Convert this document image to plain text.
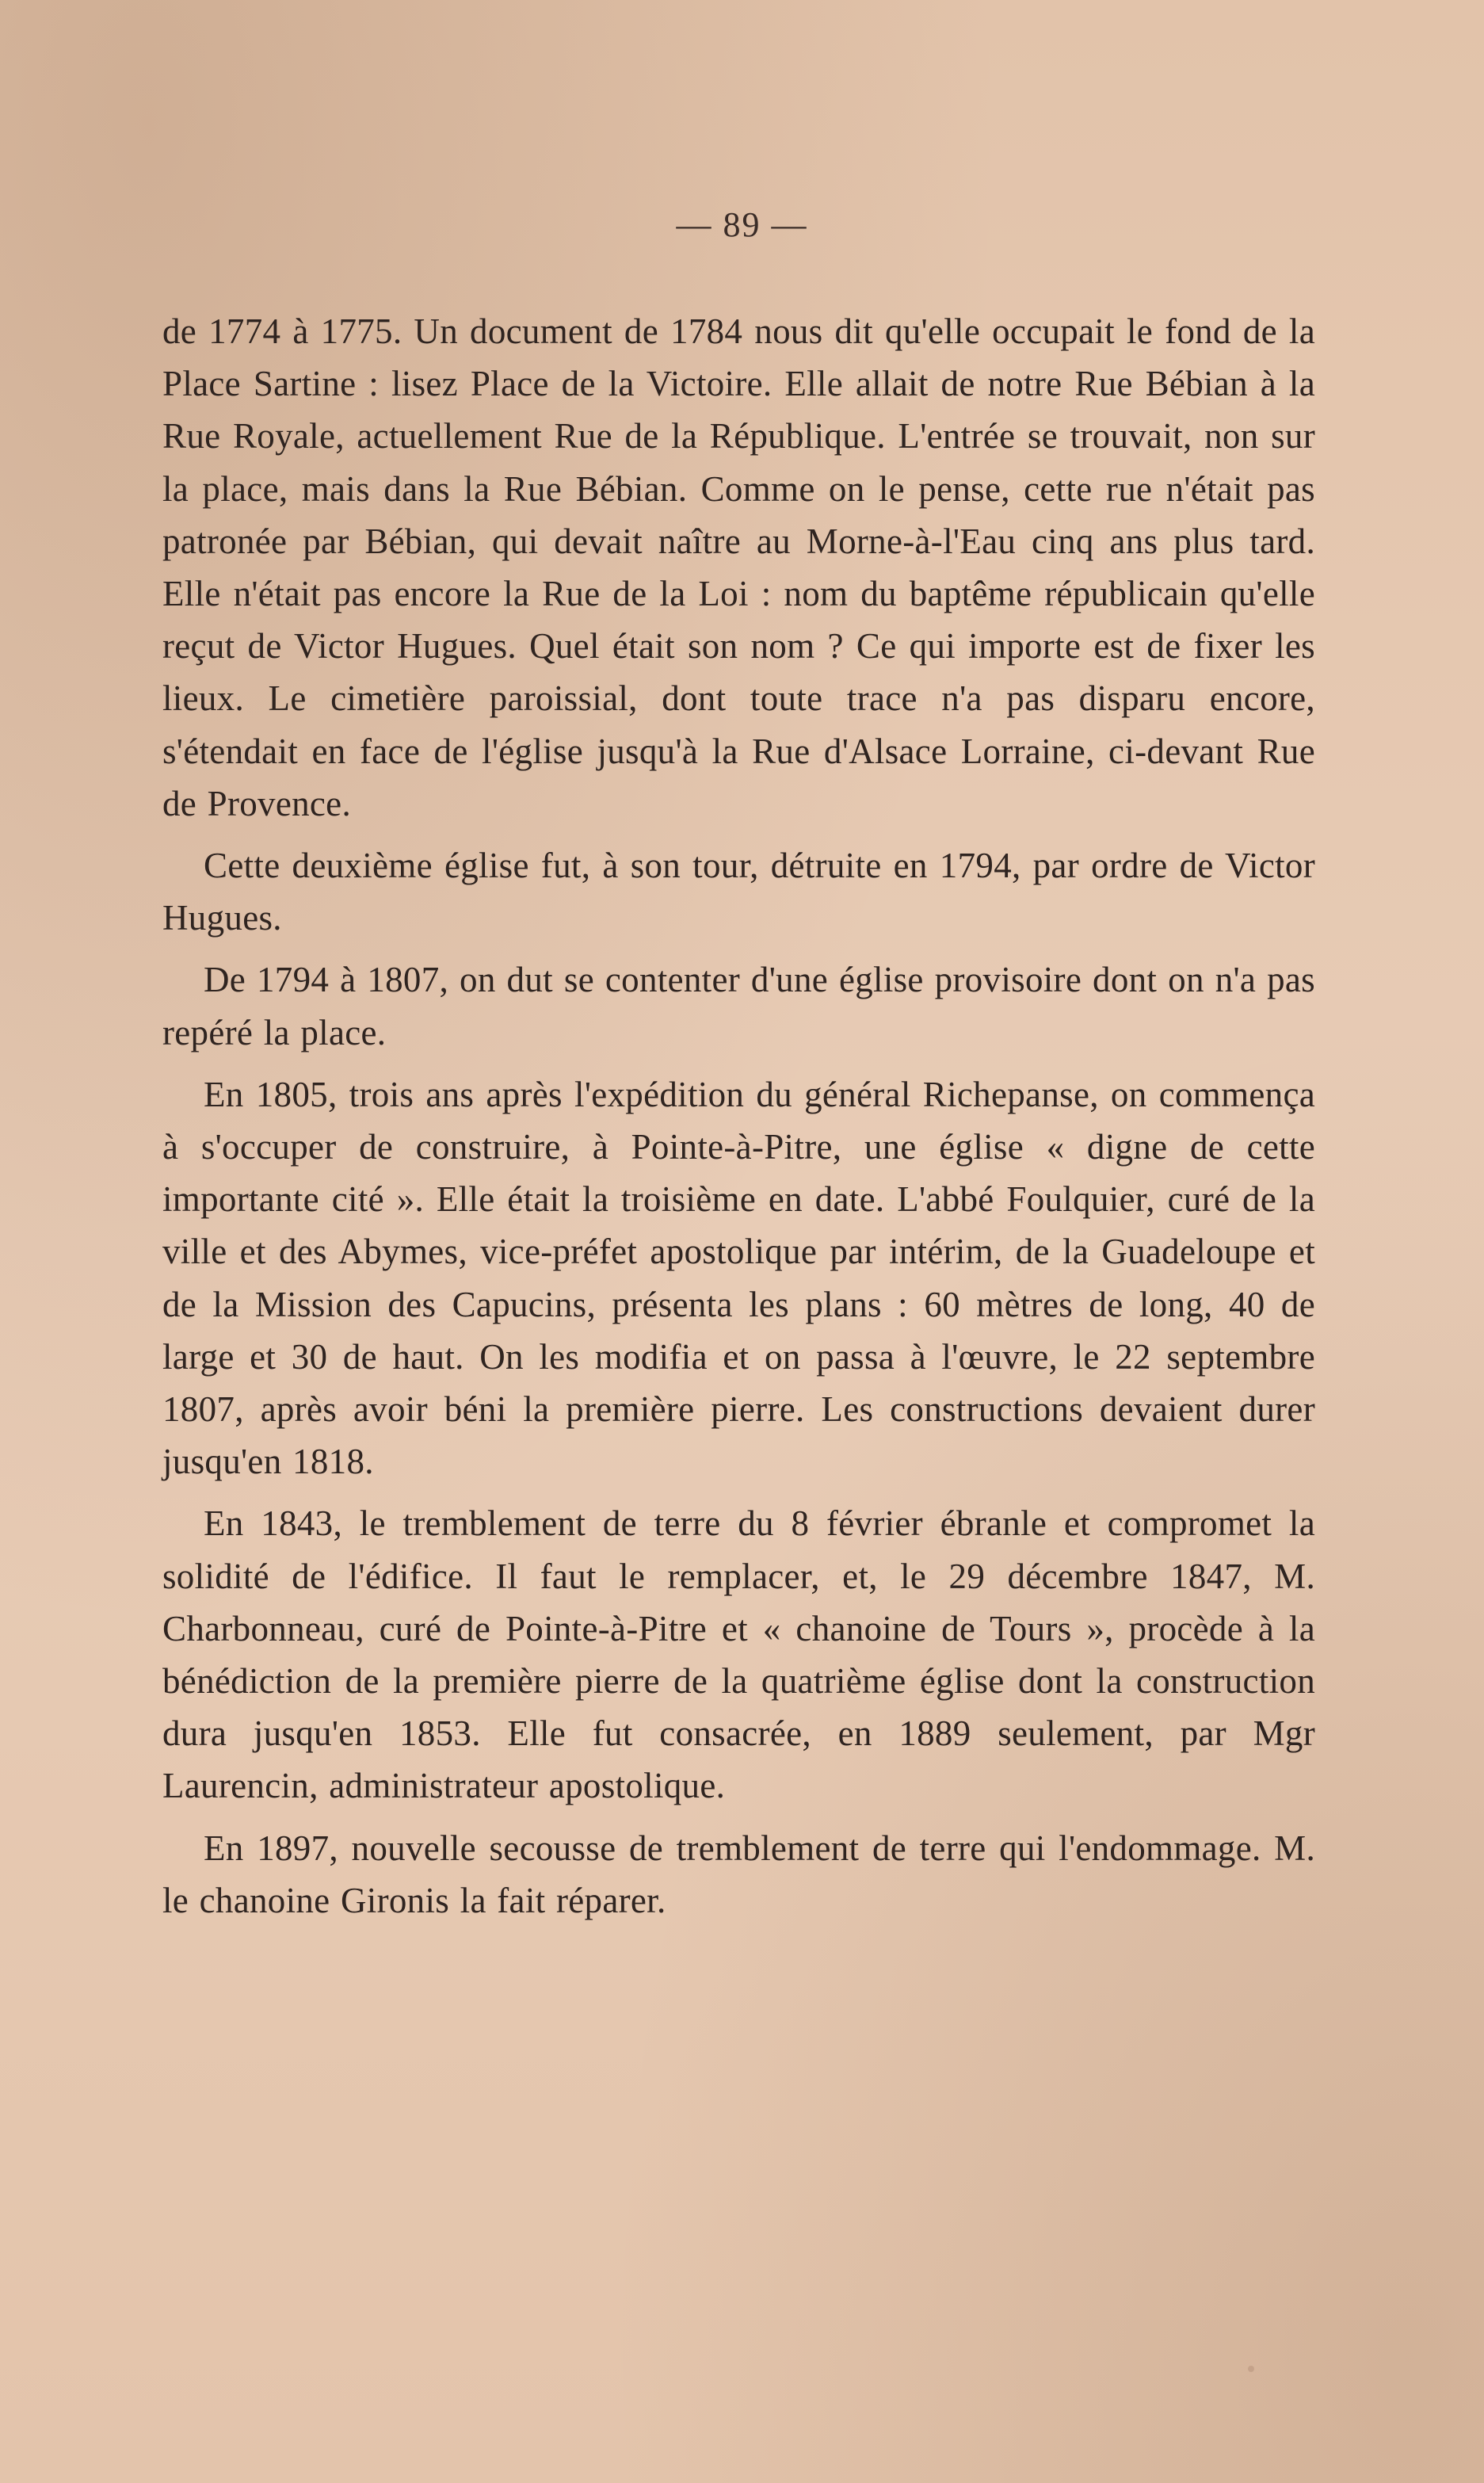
— 89 —

de 1774 à 1775. Un document de 1784 nous dit qu'elle occupait le fond de la Place Sartine : lisez Place de la Victoire. Elle allait de notre Rue Bébian à la Rue Royale, actuellement Rue de la République. L'entrée se trouvait, non sur la place, mais dans la Rue Bébian. Comme on le pense, cette rue n'était pas patronée par Bébian, qui devait naître au Morne-à-l'Eau cinq ans plus tard. Elle n'était pas encore la Rue de la Loi : nom du baptême républicain qu'elle reçut de Victor Hugues. Quel était son nom ? Ce qui importe est de fixer les lieux. Le cimetière paroissial, dont toute trace n'a pas disparu encore, s'étendait en face de l'église jusqu'à la Rue d'Alsace Lorraine, ci-devant Rue de Provence.

Cette deuxième église fut, à son tour, détruite en 1794, par ordre de Victor Hugues.

De 1794 à 1807, on dut se contenter d'une église provisoire dont on n'a pas repéré la place.

En 1805, trois ans après l'expédition du général Richepanse, on commença à s'occuper de construire, à Pointe-à-Pitre, une église « digne de cette importante cité ». Elle était la troisième en date. L'abbé Foulquier, curé de la ville et des Abymes, vice-préfet apostolique par intérim, de la Guadeloupe et de la Mission des Capucins, présenta les plans : 60 mètres de long, 40 de large et 30 de haut. On les modifia et on passa à l'œuvre, le 22 septembre 1807, après avoir béni la première pierre. Les constructions devaient durer jusqu'en 1818.

En 1843, le tremblement de terre du 8 février ébranle et compromet la solidité de l'édifice. Il faut le remplacer, et, le 29 décembre 1847, M. Charbonneau, curé de Pointe-à-Pitre et « chanoine de Tours », procède à la bénédiction de la première pierre de la quatrième église dont la construction dura jusqu'en 1853. Elle fut consacrée, en 1889 seulement, par Mgr Laurencin, administrateur apostolique.

En 1897, nouvelle secousse de tremblement de terre qui l'endommage. M. le chanoine Gironis la fait réparer.
